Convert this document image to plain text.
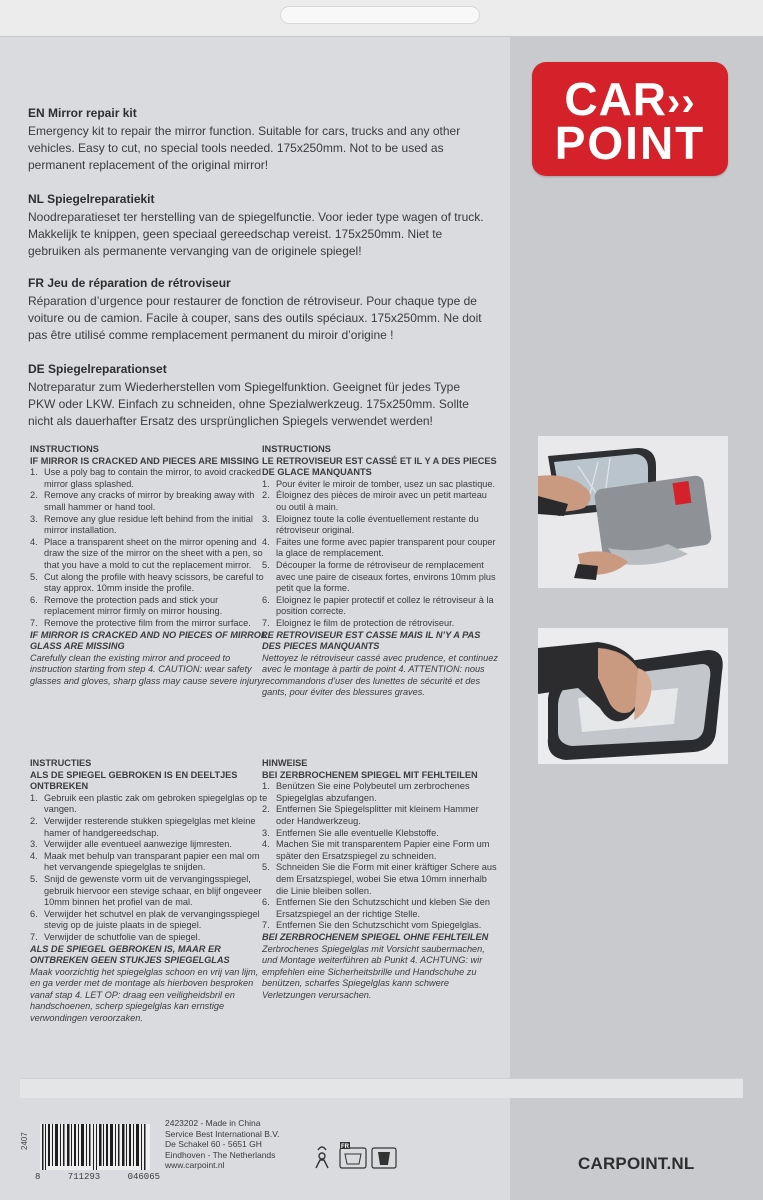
CAR››
POINT
EN Mirror repair kit

Emergency kit to repair the mirror function. Suitable for cars, trucks and any other vehicles. Easy to cut, no special tools needed. 175x250mm. Not to be used as permanent replacement of the original mirror!

NL Spiegelreparatiekit

Noodreparatieset ter herstelling van de spiegelfunctie. Voor ieder type wagen of truck. Makkelijk te knippen, geen speciaal gereedschap vereist. 175x250mm. Niet te gebruiken als permanente vervanging van de originele spiegel!

FR Jeu de réparation de rétroviseur

Réparation d’urgence pour restaurer de fonction de rétroviseur. Pour chaque type de voiture ou de camion. Facile à couper, sans des outils spéciaux. 175x250mm. Ne doit pas être utilisé comme remplacement permanent du miroir d’origine !

DE Spiegelreparationset

Notreparatur zum Wiederherstellen vom Spiegelfunktion. Geeignet für jedes Type PKW oder LKW. Einfach zu schneiden, ohne Spezialwerkzeug. 175x250mm. Sollte nicht als dauerhafter Ersatz des ursprünglichen Spiegels verwendet werden!

INSTRUCTIONS
IF MIRROR IS CRACKED AND PIECES ARE MISSING
1. Use a poly bag to contain the mirror, to avoid cracked mirror glass splashed.
2. Remove any cracks of mirror by breaking away with small hammer or hand tool.
3. Remove any glue residue left behind from the initial mirror installation.
4. Place a transparent sheet on the mirror opening and draw the size of the mirror on the sheet with a pen, so that you have a mold to cut the replacement mirror.
5. Cut along the profile with heavy scissors, be careful to stay approx. 10mm inside the profile.
6. Remove the protection pads and stick your replacement mirror firmly on mirror housing.
7. Remove the protective film from the mirror surface.
IF MIRROR IS CRACKED AND NO PIECES OF MIRROR GLASS ARE MISSING
Carefully clean the existing mirror and proceed to instruction starting from step 4. CAUTION: wear safety glasses and gloves, sharp glass may cause severe injury.
INSTRUCTIONS
LE RETROVISEUR EST CASSÉ ET IL Y A DES PIECES DE GLACE MANQUANTS
1. Pour éviter le miroir de tomber, usez un sac plastique.
2. Éloignez des pièces de miroir avec un petit marteau ou outil à main.
3. Eloignez toute la colle éventuellement restante du rétroviseur original.
4. Faites une forme avec papier transparent pour couper la glace de remplacement.
5. Découper la forme de rétroviseur de remplacement avec une paire de ciseaux fortes, environs 10mm plus petit que la forme.
6. Eloignez le papier protectif et collez le rétroviseur à la position correcte.
7. Eloignez le film de protection de rétroviseur.
LE RETROVISEUR EST CASSE MAIS IL N’Y A PAS DES PIECES MANQUANTS
Nettoyez le rétroviseur cassé avec prudence, et continuez avec le montage à partir de point 4. ATTENTION: nous recommandons d’user des lunettes de sécurité et des gants, pour éviter des blessures graves.
INSTRUCTIES
ALS DE SPIEGEL GEBROKEN IS EN DEELTJES ONTBREKEN
1. Gebruik een plastic zak om gebroken spiegelglas op te vangen.
2. Verwijder resterende stukken spiegelglas met kleine hamer of handgereedschap.
3. Verwijder alle eventueel aanwezige lijmresten.
4. Maak met behulp van transparant papier een mal om het vervangende spiegelglas te snijden.
5. Snijd de gewenste vorm uit de vervangingsspiegel, gebruik hiervoor een stevige schaar, en blijf ongeveer 10mm binnen het profiel van de mal.
6. Verwijder het schutvel en plak de vervangingsspiegel stevig op de juiste plaats in de spiegel.
7. Verwijder de schutfolie van de spiegel.
ALS DE SPIEGEL GEBROKEN IS, MAAR ER ONTBREKEN GEEN STUKJES SPIEGELGLAS
Maak voorzichtig het spiegelglas schoon en vrij van lijm, en ga verder met de montage als hierboven besproken vanaf stap 4. LET OP: draag een veiligheidsbril en handschoenen, scherp spiegelglas kan ernstige verwondingen veroorzaken.
HINWEISE
BEI ZERBROCHENEM SPIEGEL MIT FEHLTEILEN
1. Benützen Sie eine Polybeutel um zerbrochenes Spiegelglas abzufangen.
2. Entfernen Sie Spiegelsplitter mit kleinem Hammer oder Handwerkzeug.
3. Entfernen Sie alle eventuelle Klebstoffe.
4. Machen Sie mit transparentem Papier eine Form um später den Ersatzspiegel zu schneiden.
5. Schneiden Sie die Form mit einer kräftiger Schere aus dem Ersatzspiegel, wobei Sie etwa 10mm innerhalb die Linie bleiben sollen.
6. Entfernen Sie den Schutzschicht und kleben Sie den Ersatzspiegel an der richtige Stelle.
7. Entfernen Sie den Schutzschicht vom Spiegelglas.
BEI ZERBROCHENEM SPIEGEL OHNE FEHLTEILEN
Zerbrochenes Spiegelglas mit Vorsicht saubermachen, und Montage weiterführen ab Punkt 4. ACHTUNG: wir empfehlen eine Sicherheitsbrille und Handschuhe zu benützen, scharfes Spiegelglas kann schwere Verletzungen verursachen.
2407
8	711293	046065
2423202 - Made in China
Service Best International B.V.
De Schakel 60 - 5651 GH
Eindhoven - The Netherlands
www.carpoint.nl
FR
CARPOINT.NL
